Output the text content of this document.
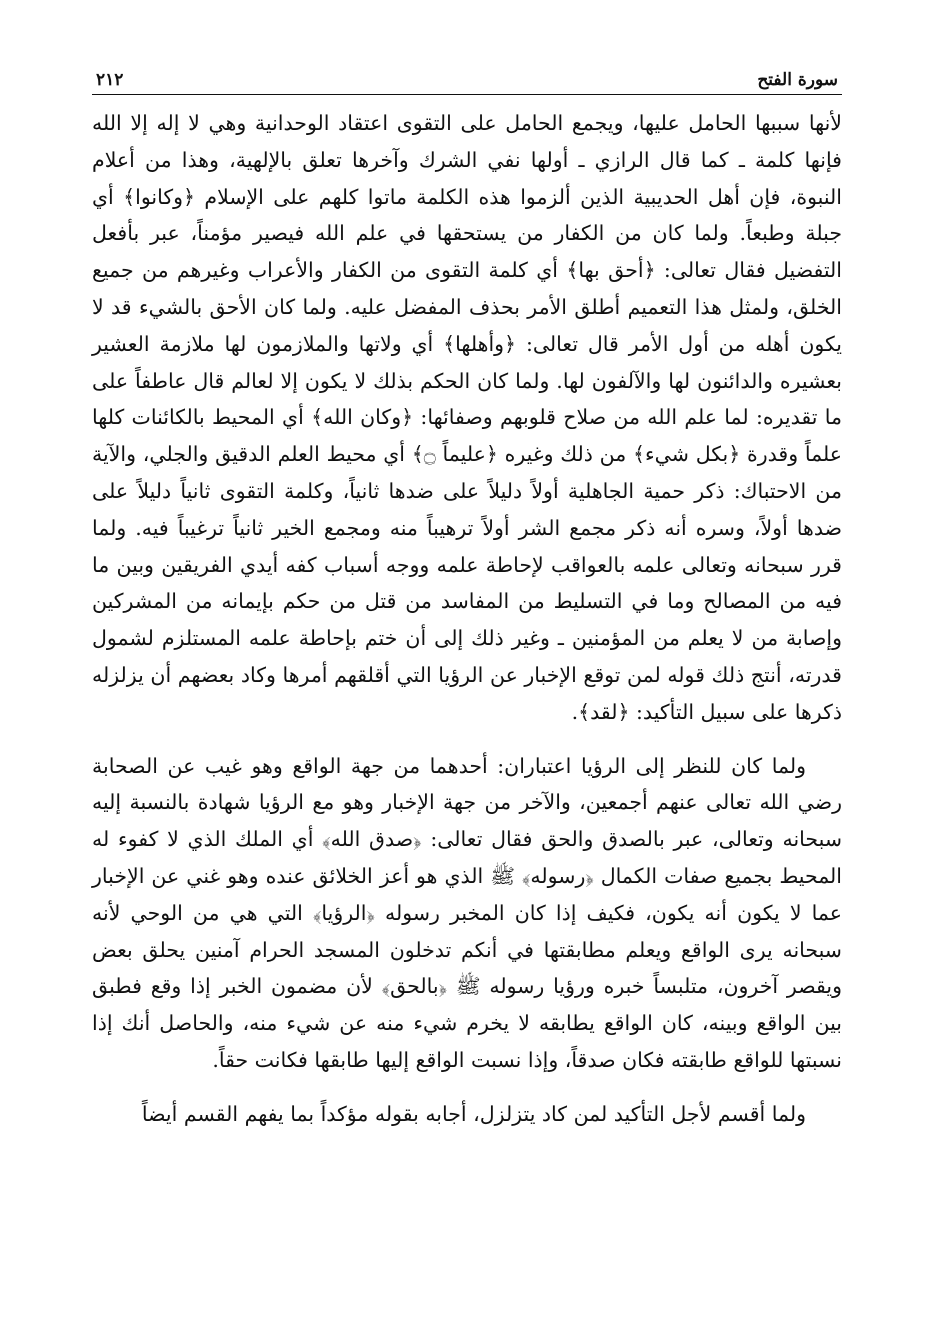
سورة الفتح
٢١٢

لأنها سببها الحامل عليها، ويجمع الحامل على التقوى اعتقاد الوحدانية وهي لا إله إلا الله فإنها كلمة ـ كما قال الرازي ـ أولها نفي الشرك وآخرها تعلق بالإلهية، وهذا من أعلام النبوة، فإن أهل الحديبية الذين ألزموا هذه الكلمة ماتوا كلهم على الإسلام ﴿وكانوا﴾ أي جبلة وطبعاً. ولما كان من الكفار من يستحقها في علم الله فيصير مؤمناً، عبر بأفعل التفضيل فقال تعالى: ﴿أحق بها﴾ أي كلمة التقوى من الكفار والأعراب وغيرهم من جميع الخلق، ولمثل هذا التعميم أطلق الأمر بحذف المفضل عليه. ولما كان الأحق بالشيء قد لا يكون أهله من أول الأمر قال تعالى: ﴿وأهلها﴾ أي ولاتها والملازمون لها ملازمة العشير بعشيره والدائنون لها والآلفون لها. ولما كان الحكم بذلك لا يكون إلا لعالم قال عاطفاً على ما تقديره: لما علم الله من صلاح قلوبهم وصفائها: ﴿وكان الله﴾ أي المحيط بالكائنات كلها علماً وقدرة ﴿بكل شيء﴾ من ذلك وغيره ﴿عليماً ۝﴾ أي محيط العلم الدقيق والجلي، والآية من الاحتباك: ذكر حمية الجاهلية أولاً دليلاً على ضدها ثانياً، وكلمة التقوى ثانياً دليلاً على ضدها أولاً، وسره أنه ذكر مجمع الشر أولاً ترهيباً منه ومجمع الخير ثانياً ترغيباً فيه. ولما قرر سبحانه وتعالى علمه بالعواقب لإحاطة علمه ووجه أسباب كفه أيدي الفريقين وبين ما فيه من المصالح وما في التسليط من المفاسد من قتل من حكم بإيمانه من المشركين وإصابة من لا يعلم من المؤمنين ـ وغير ذلك إلى أن ختم بإحاطة علمه المستلزم لشمول قدرته، أنتج ذلك قوله لمن توقع الإخبار عن الرؤيا التي أقلقهم أمرها وكاد بعضهم أن يزلزله ذكرها على سبيل التأكيد: ﴿لقد﴾.

ولما كان للنظر إلى الرؤيا اعتباران: أحدهما من جهة الواقع وهو غيب عن الصحابة رضي الله تعالى عنهم أجمعين، والآخر من جهة الإخبار وهو مع الرؤيا شهادة بالنسبة إليه سبحانه وتعالى، عبر بالصدق والحق فقال تعالى: ﴿صدق الله﴾ أي الملك الذي لا كفوء له المحيط بجميع صفات الكمال ﴿رسوله﴾ ﷺ الذي هو أعز الخلائق عنده وهو غني عن الإخبار عما لا يكون أنه يكون، فكيف إذا كان المخبر رسوله ﴿الرؤيا﴾ التي هي من الوحي لأنه سبحانه يرى الواقع ويعلم مطابقتها في أنكم تدخلون المسجد الحرام آمنين يحلق بعض ويقصر آخرون، متلبساً خبره ورؤيا رسوله ﷺ ﴿بالحق﴾ لأن مضمون الخبر إذا وقع فطبق بين الواقع وبينه، كان الواقع يطابقه لا يخرم شيء منه عن شيء منه، والحاصل أنك إذا نسبتها للواقع طابقته فكان صدقاً، وإذا نسبت الواقع إليها طابقها فكانت حقاً.

ولما أقسم لأجل التأكيد لمن كاد يتزلزل، أجابه بقوله مؤكداً بما يفهم القسم أيضاً
